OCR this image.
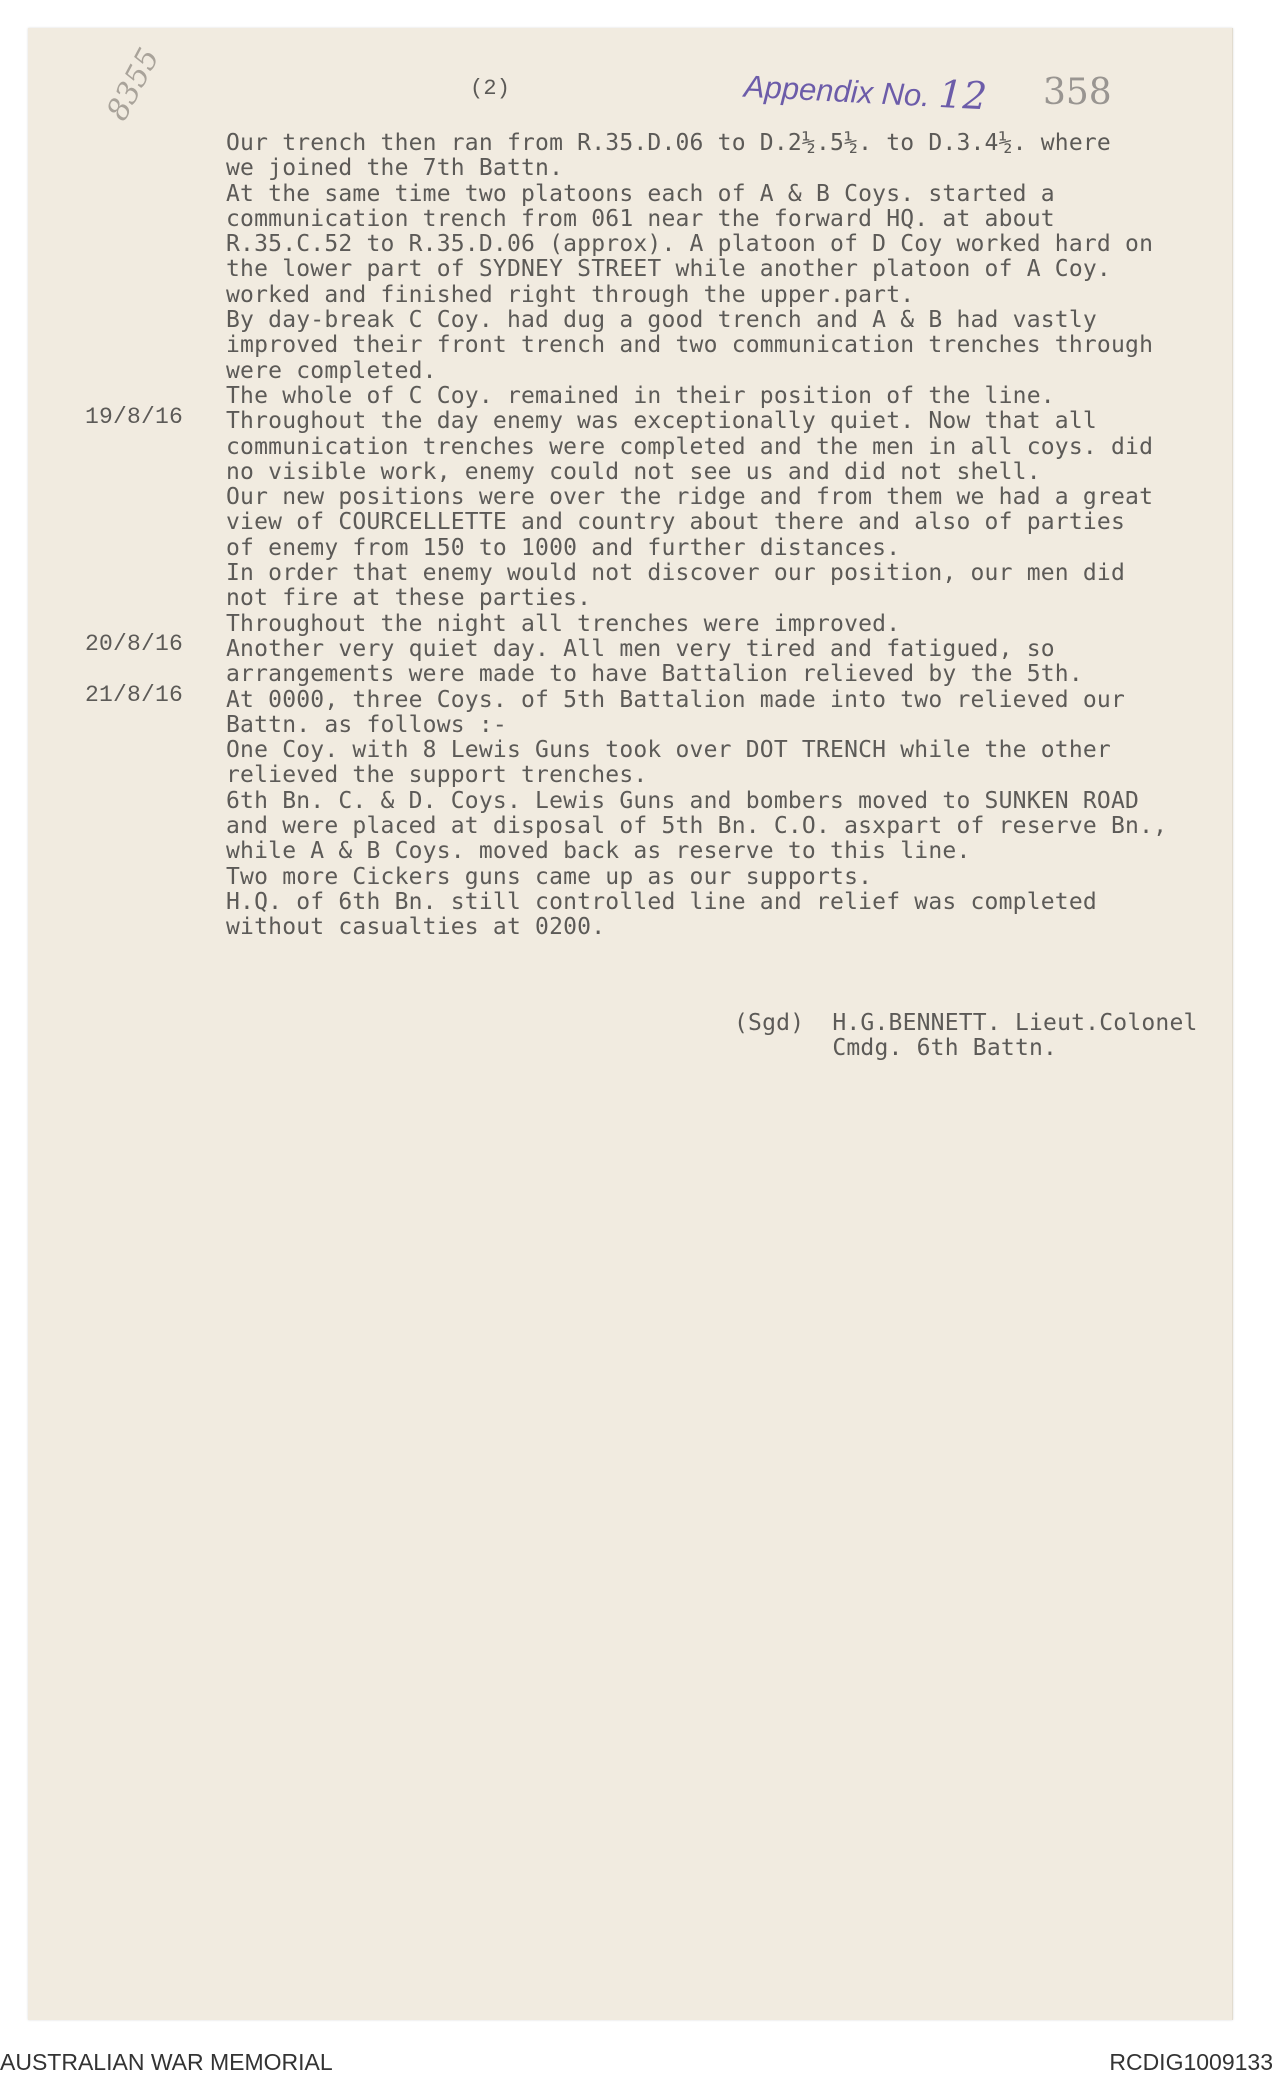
(2)	Appendix No. 12 358
8355

19/8/16

20/8/16

21/8/16

Our trench then ran from R.35.D.06 to D.2½.5½. to D.3.4½. where
we joined the 7th Battn.
At the same time two platoons each of A & B Coys. started a
communication trench from 061 near the forward HQ. at about
R.35.C.52 to R.35.D.06 (approx). A platoon of D Coy worked hard on
the lower part of SYDNEY STREET while another platoon of A Coy.
worked and finished right through the upper.part.
By day-break C Coy. had dug a good trench and A & B had vastly
improved their front trench and two communication trenches through
were completed.
The whole of C Coy. remained in their position of the line.
Throughout the day enemy was exceptionally quiet. Now that all
communication trenches were completed and the men in all coys. did
no visible work, enemy could not see us and did not shell.
Our new positions were over the ridge and from them we had a great
view of COURCELLETTE and country about there and also of parties
of enemy from 150 to 1000 and further distances.
In order that enemy would not discover our position, our men did
not fire at these parties.
Throughout the night all trenches were improved.
Another very quiet day. All men very tired and fatigued, so
arrangements were made to have Battalion relieved by the 5th.
At 0000, three Coys. of 5th Battalion made into two relieved our
Battn. as follows :-
One Coy. with 8 Lewis Guns took over DOT TRENCH while the other
relieved the support trenches.
6th Bn. C. & D. Coys. Lewis Guns and bombers moved to SUNKEN ROAD
and were placed at disposal of 5th Bn. C.O. asxpart of reserve Bn.,
while A & B Coys. moved back as reserve to this line.
Two more Cickers guns came up as our supports.
H.Q. of 6th Bn. still controlled line and relief was completed
without casualties at 0200.
(Sgd)  H.G.BENNETT. Lieut.Colonel
Cmdg. 6th Battn.
AUSTRALIAN WAR MEMORIAL	RCDIG1009133
